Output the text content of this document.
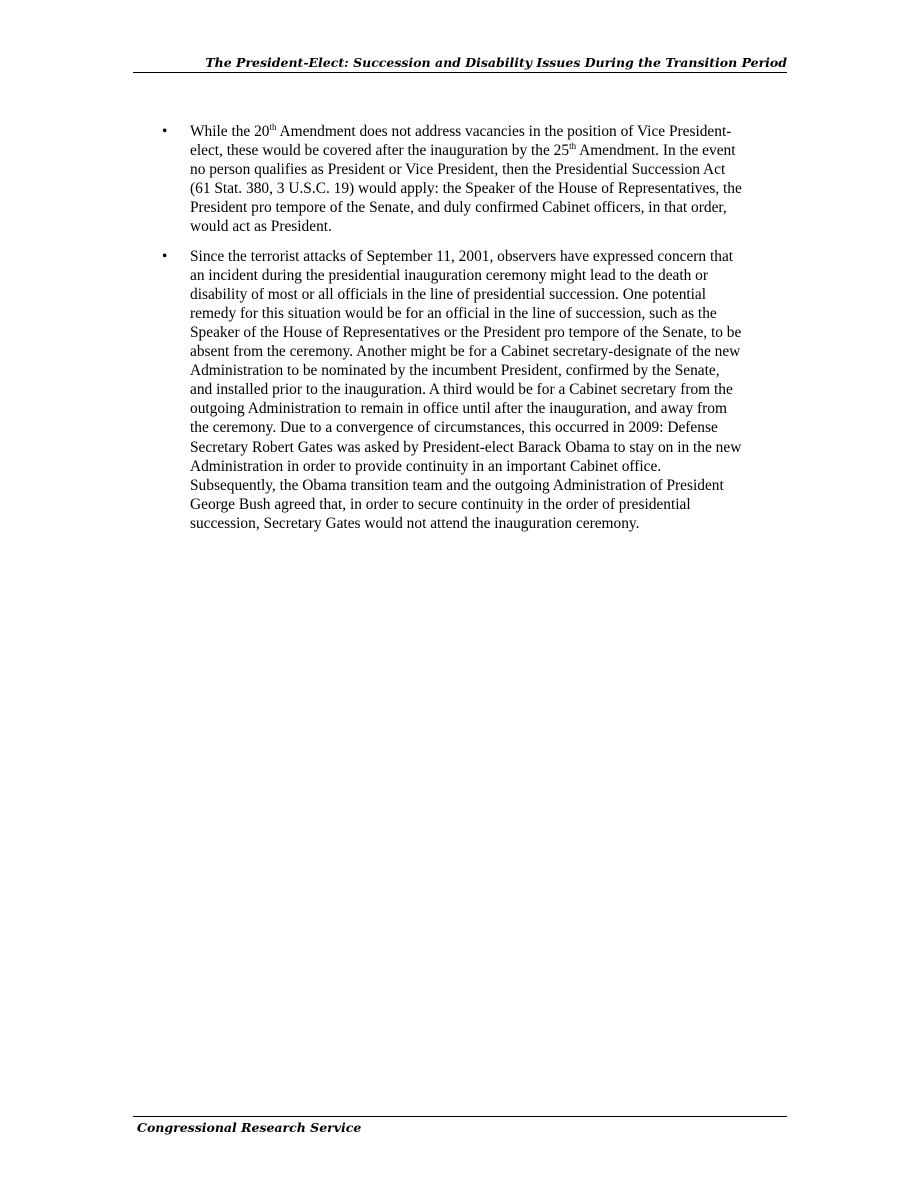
The President-Elect: Succession and Disability Issues During the Transition Period
• While the 20th Amendment does not address vacancies in the position of Vice President-elect, these would be covered after the inauguration by the 25th Amendment. In the event no person qualifies as President or Vice President, then the Presidential Succession Act (61 Stat. 380, 3 U.S.C. 19) would apply: the Speaker of the House of Representatives, the President pro tempore of the Senate, and duly confirmed Cabinet officers, in that order, would act as President.
• Since the terrorist attacks of September 11, 2001, observers have expressed concern that an incident during the presidential inauguration ceremony might lead to the death or disability of most or all officials in the line of presidential succession. One potential remedy for this situation would be for an official in the line of succession, such as the Speaker of the House of Representatives or the President pro tempore of the Senate, to be absent from the ceremony. Another might be for a Cabinet secretary-designate of the new Administration to be nominated by the incumbent President, confirmed by the Senate, and installed prior to the inauguration. A third would be for a Cabinet secretary from the outgoing Administration to remain in office until after the inauguration, and away from the ceremony. Due to a convergence of circumstances, this occurred in 2009: Defense Secretary Robert Gates was asked by President-elect Barack Obama to stay on in the new Administration in order to provide continuity in an important Cabinet office. Subsequently, the Obama transition team and the outgoing Administration of President George Bush agreed that, in order to secure continuity in the order of presidential succession, Secretary Gates would not attend the inauguration ceremony.
Congressional Research Service
